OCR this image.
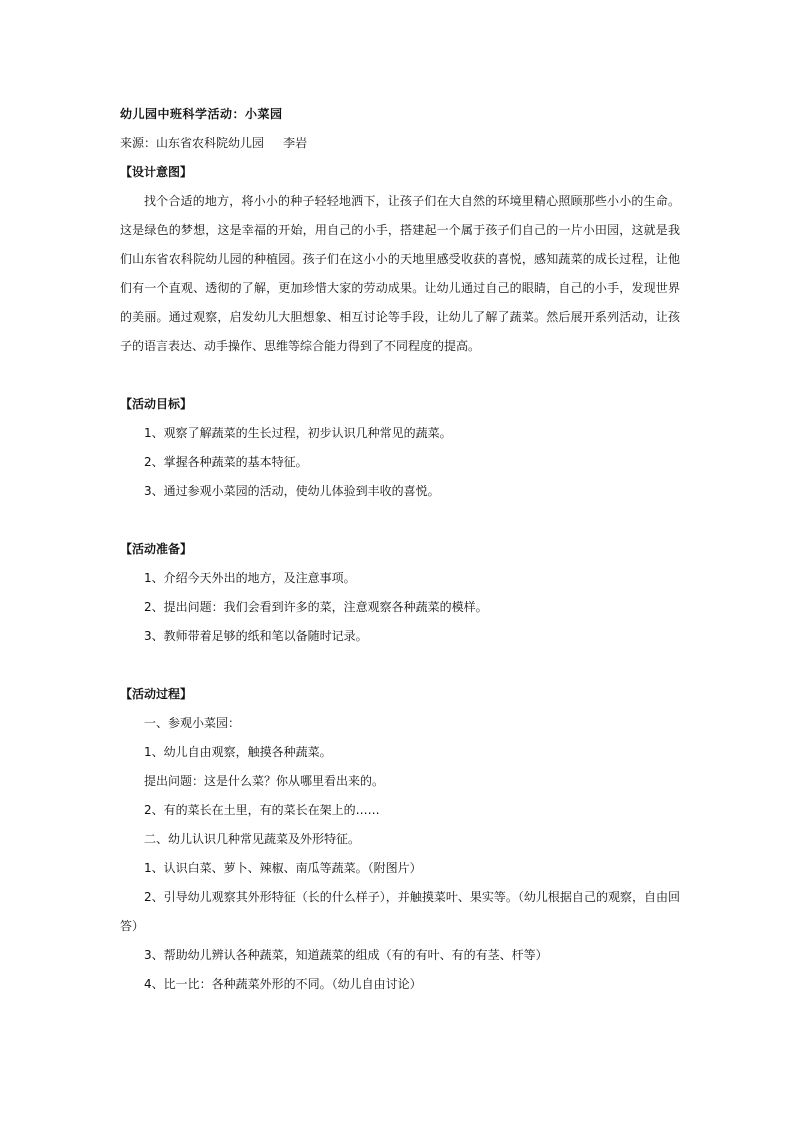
幼儿园中班科学活动：小菜园
来源：山东省农科院幼儿园     李岩
【设计意图】

找个合适的地方，将小小的种子轻轻地洒下，让孩子们在大自然的环境里精心照顾那些小小的生命。这是绿色的梦想，这是幸福的开始，用自己的小手，搭建起一个属于孩子们自己的一片小田园，这就是我们山东省农科院幼儿园的种植园。孩子们在这小小的天地里感受收获的喜悦，感知蔬菜的成长过程，让他们有一个直观、透彻的了解，更加珍惜大家的劳动成果。让幼儿通过自己的眼睛，自己的小手，发现世界的美丽。通过观察，启发幼儿大胆想象、相互讨论等手段，让幼儿了解了蔬菜。然后展开系列活动，让孩子的语言表达、动手操作、思维等综合能力得到了不同程度的提高。

【活动目标】
1、观察了解蔬菜的生长过程，初步认识几种常见的蔬菜。
2、掌握各种蔬菜的基本特征。
3、通过参观小菜园的活动，使幼儿体验到丰收的喜悦。
【活动准备】
1、介绍今天外出的地方，及注意事项。
2、提出问题：我们会看到许多的菜，注意观察各种蔬菜的模样。
3、教师带着足够的纸和笔以备随时记录。
【活动过程】
一、参观小菜园：
1、幼儿自由观察，触摸各种蔬菜。
提出问题：这是什么菜？你从哪里看出来的。
2、有的菜长在土里，有的菜长在架上的……
二、幼儿认识几种常见蔬菜及外形特征。
1、认识白菜、萝卜、辣椒、南瓜等蔬菜。（附图片）
2、引导幼儿观察其外形特征（长的什么样子），并触摸菜叶、果实等。（幼儿根据自己的观察，自由回答）
3、帮助幼儿辨认各种蔬菜，知道蔬菜的组成（有的有叶、有的有茎、杆等）
4、比一比：各种蔬菜外形的不同。（幼儿自由讨论）
